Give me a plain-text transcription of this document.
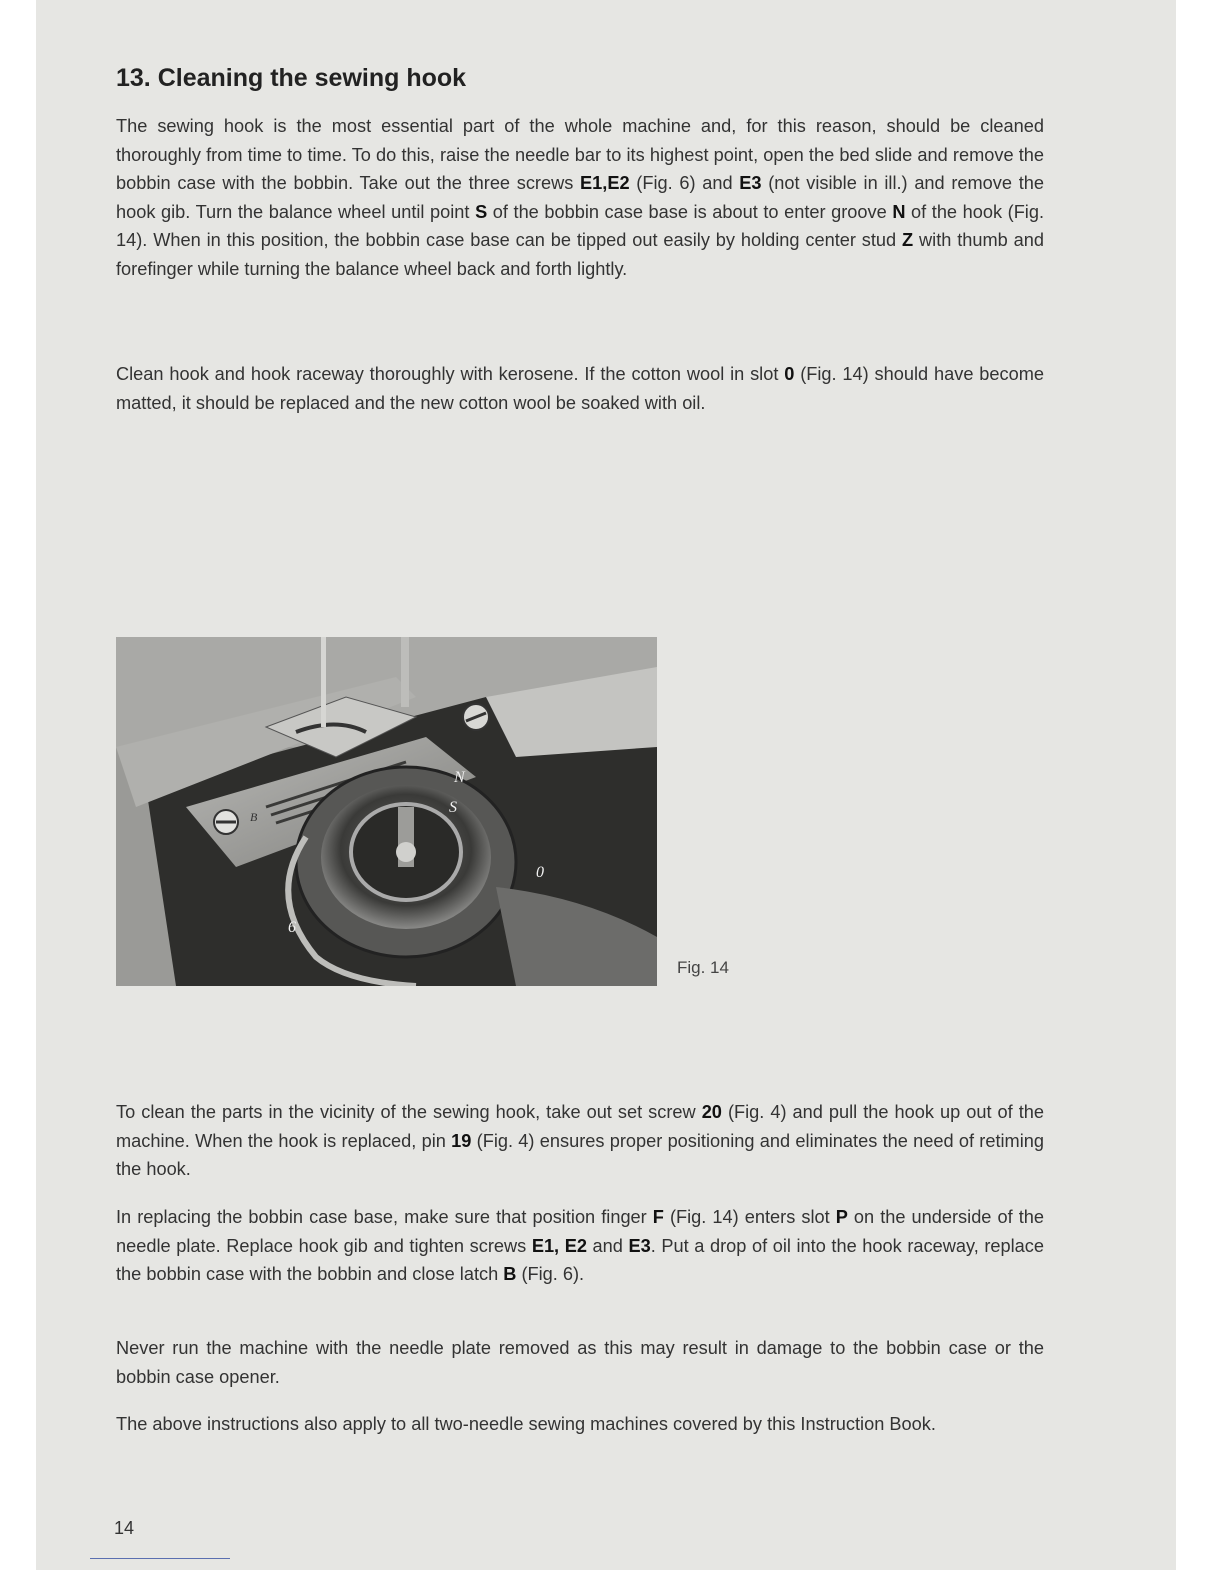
13. Cleaning the sewing hook

The sewing hook is the most essential part of the whole machine and, for this reason, should be cleaned thoroughly from time to time. To do this, raise the needle bar to its highest point, open the bed slide and remove the bobbin case with the bobbin. Take out the three screws E1,E2 (Fig. 6) and E3 (not visible in ill.) and remove the hook gib. Turn the balance wheel until point S of the bobbin case base is about to enter groove N of the hook (Fig. 14). When in this position, the bobbin case base can be tipped out easily by holding center stud Z with thumb and forefinger while turning the balance wheel back and forth lightly.

Clean hook and hook raceway thoroughly with kerosene. If the cotton wool in slot 0 (Fig. 14) should have become matted, it should be replaced and the new cotton wool be soaked with oil.

N
S
0
6
B
Fig. 14

To clean the parts in the vicinity of the sewing hook, take out set screw 20 (Fig. 4) and pull the hook up out of the machine. When the hook is replaced, pin 19 (Fig. 4) ensures proper positioning and eliminates the need of retiming the hook.

In replacing the bobbin case base, make sure that position finger F (Fig. 14) enters slot P on the underside of the needle plate. Replace hook gib and tighten screws E1, E2 and E3. Put a drop of oil into the hook raceway, replace the bobbin case with the bobbin and close latch B (Fig. 6).

Never run the machine with the needle plate removed as this may result in damage to the bobbin case or the bobbin case opener.

The above instructions also apply to all two-needle sewing machines covered by this Instruction Book.

14
